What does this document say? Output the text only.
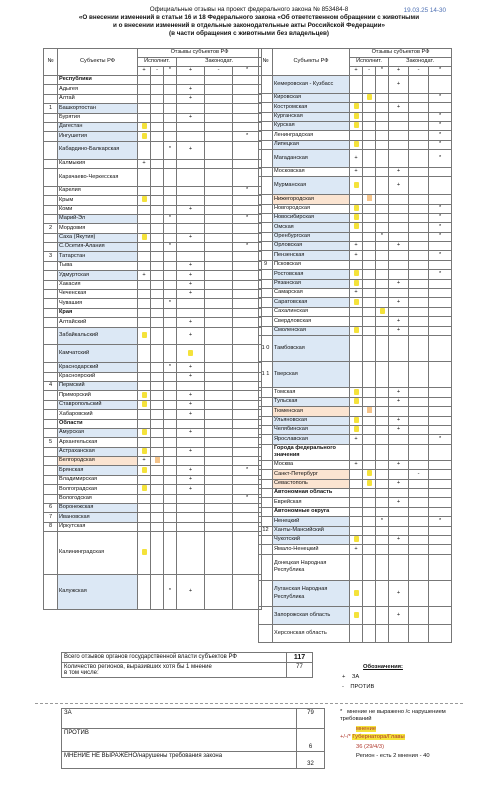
Официальные отзывы на проект федерального закона № 853484-8
«О внесении изменений в статьи 16 и 18 Федерального закона «Об ответственном обращении с животными
и о внесении изменений в отдельные законодательные акты Российской Федерации»
(в части обращения с животными без владельцев)
19.03.25 14-30
№	Субъекты РФ	Отзывы субъектов РФ					
		Исполнит.			Законодат.		
		+	-	*	+	-	*
	Республики						
	Адыгея				+		
	Алтай				+		
1	Башкортостан						
	Бурятия				+		
	Дагестан						
	Ингушетия						*
	Кабардино-Балкарская			*	+		
	Калмыкия	+					
	Карачаево-Черкесская						
	Карелия						*
	Крым						
	Коми				+		
	Марий-Эл			*			*
2	Мордовия						
	Саха (Якутия)				+		
	С.Осетия-Алания			*			*
3	Татарстан						
	Тыва				+		
	Удмуртская	+			+		
	Хакасия				+		
	Чеченская				+		
	Чувашия			*			
	Края						
	Алтайский				+		
	Забайкальский				+		
	Камчатский						
	Краснодарский			*	+		
	Красноярский				+		
4	Пермский						
	Приморский				+		
	Ставропольский				+		
	Хабаровский				+		
	Области						
	Амурская				+		
5	Архангельская						
	Астраханская				+		
	Белгородская	+					
	Брянская				+		*
	Владимирская				+		
	Волгоградская				+		
	Вологодская						*
6	Воронежская						
7	Ивановская						
8	Иркутская						
	Калининградская						
	Калужская			*	+		
№	Субъекты РФ	Отзывы субъектов РФ					
		Исполнит.			Законодат.		
		+	-	*	+	-	*
	Кемеровская - Кузбасс				+		
	Кировская						*
	Костромская				+		
	Курганская						*
	Курская						*
	Ленинградская						*
	Липецкая						*
	Магаданская	+					*
	Московская	+			+		
	Мурманская				+		
	Нижегородская						
	Новгородская						*
	Новосибирская						*
	Омская						*
	Оренбургская			*			*
	Орловская	+			+		
	Пензенская	+					*
9	Псковская						
	Ростовская						*
	Рязанская				+		
	Самарская	+					
	Саратовская				+		
	Сахалинская						
	Свердловская				+		
	Смоленская				+		
1 0	Тамбовская						
1 1	Тверская						
	Томская				+		
	Тульская				+		
	Тюменская						
	Ульяновская				+		
	Челябинская				+		
	Ярославская	+					*
	Города федерального значения						
	Москва	+			+		
	Санкт-Петербург					-	
	Севастополь				+		
	Автономная область						
	Еврейская				+		
	Автономные округа						
	Ненецкий			*			*
12	Ханты-Мансийский						
	Чукотский				+		
	Ямало-Ненецкий	+					
	Донецкая Народная Республика						
	Луганская Народная Республика				+		
	Запорожская область				+		
	Херсонская область						
Всего отзывов органов государственной власти субъектов РФ	117

Количество регионов, выразивших хотя бы 1 мнение
в том числе:	77	Обозначения:
+ ЗА
- ПРОТИВ
ЗА	79
ПРОТИВ	6
МНЕНИЕ НЕ ВЫРАЖЕНО/нарушены требования закона	32
* мнение не выражено /с нарушением требований
мнение
+/-/* Губернатора/Главы
36 (29/4/3)
Регион - есть 2 мнения - 40
